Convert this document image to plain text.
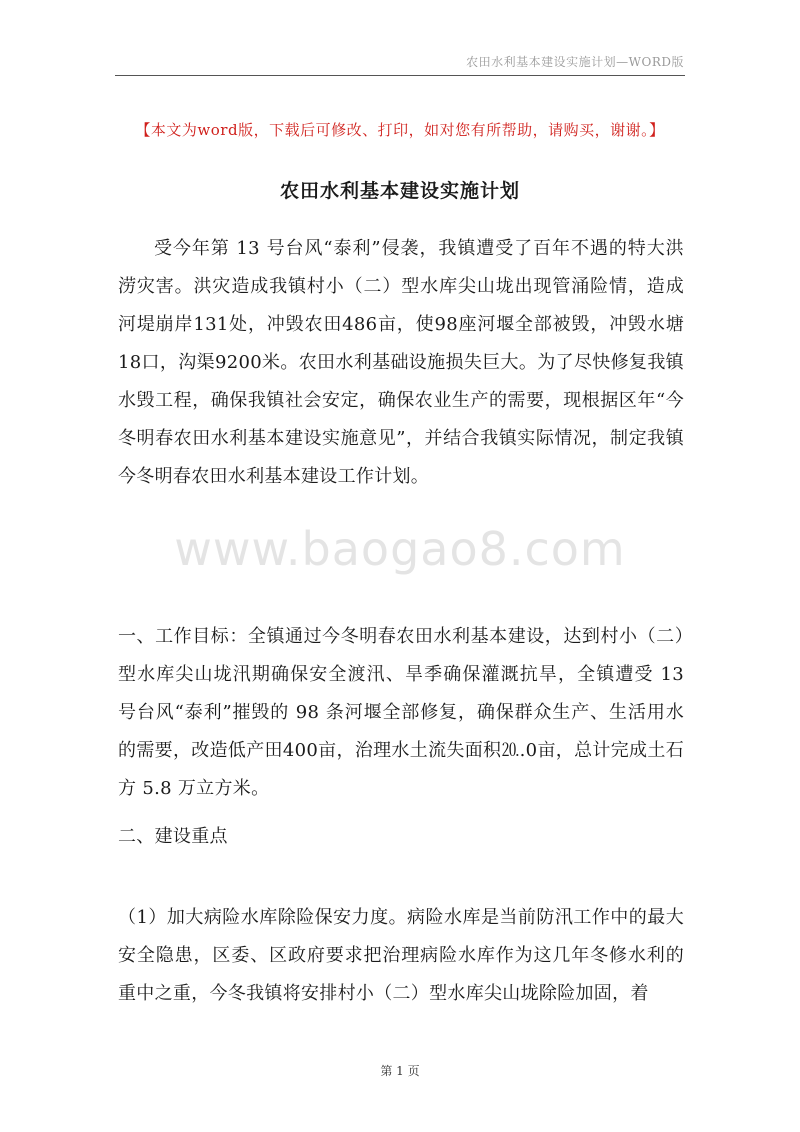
农田水利基本建设实施计划—WORD版
【本文为word版，下载后可修改、打印，如对您有所帮助，请购买，谢谢。】
农田水利基本建设实施计划
受今年第 13 号台风“泰利”侵袭，我镇遭受了百年不遇的特大洪涝灾害。洪灾造成我镇村小（二）型水库尖山垅出现管涌险情，造成河堤崩岸131处，冲毁农田486亩，使98座河堰全部被毁，冲毁水塘18口，沟渠9200米。农田水利基础设施损失巨大。为了尽快修复我镇水毁工程，确保我镇社会安定，确保农业生产的需要，现根据区年“今冬明春农田水利基本建设实施意见”，并结合我镇实际情况，制定我镇今冬明春农田水利基本建设工作计划。
www.baogao8.com
一、工作目标：全镇通过今冬明春农田水利基本建设，达到村小（二）型水库尖山垅汛期确保安全渡汛、旱季确保灌溉抗旱，全镇遭受 13 号台风“泰利”摧毁的 98 条河堰全部修复，确保群众生产、生活用水的需要，改造低产田400亩，治理水土流失面积⒛.0亩，总计完成土石方 5.8 万立方米。
二、建设重点
（1）加大病险水库除险保安力度。病险水库是当前防汛工作中的最大安全隐患，区委、区政府要求把治理病险水库作为这几年冬修水利的重中之重，今冬我镇将安排村小（二）型水库尖山垅除险加固，着
第 1 页
